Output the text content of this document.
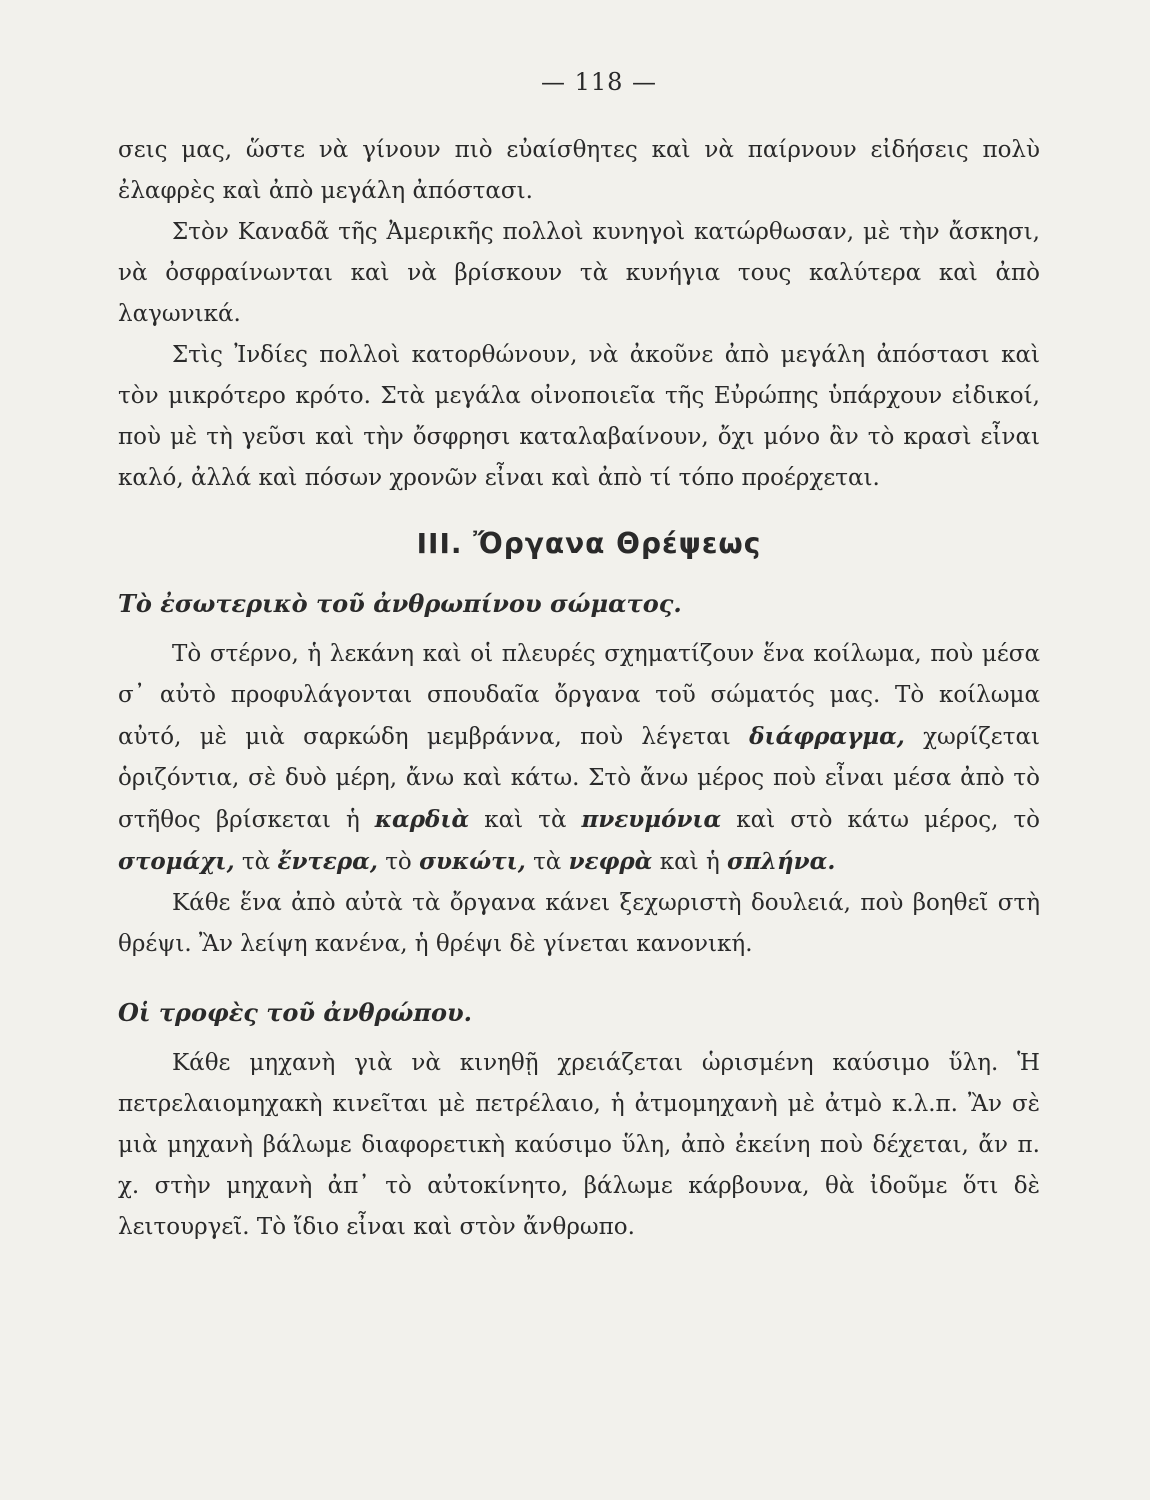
— 118 —

σεις μας, ὥστε νὰ γίνουν πιὸ εὐαίσθητες καὶ νὰ παίρνουν εἰδήσεις πολὺ ἐλαφρὲς καὶ ἀπὸ μεγάλη ἀπόστασι.

Στὸν Καναδᾶ τῆς Ἀμερικῆς πολλοὶ κυνηγοὶ κατώρθωσαν, μὲ τὴν ἄσκησι, νὰ ὀσφραίνωνται καὶ νὰ βρίσκουν τὰ κυνήγια τους καλύτερα καὶ ἀπὸ λαγωνικά.

Στὶς Ἰνδίες πολλοὶ κατορθώνουν, νὰ ἀκοῦνε ἀπὸ μεγάλη ἀπόστασι καὶ τὸν μικρότερο κρότο. Στὰ μεγάλα οἰνοποιεῖα τῆς Εὐρώπης ὑπάρχουν εἰδικοί, ποὺ μὲ τὴ γεῦσι καὶ τὴν ὄσφρησι καταλαβαίνουν, ὄχι μόνο ἂν τὸ κρασὶ εἶναι καλό, ἀλλά καὶ πόσων χρονῶν εἶναι καὶ ἀπὸ τί τόπο προέρχεται.

III. Ὄργανα Θρέψεως
Τὸ ἐσωτερικὸ τοῦ ἀνθρωπίνου σώματος.

Τὸ στέρνο, ἡ λεκάνη καὶ οἱ πλευρές σχηματίζουν ἕνα κοίλωμα, ποὺ μέσα σ᾽ αὐτὸ προφυλάγονται σπουδαῖα ὄργανα τοῦ σώματός μας. Τὸ κοίλωμα αὐτό, μὲ μιὰ σαρκώδη μεμβράννα, ποὺ λέγεται διάφραγμα, χωρίζεται ὁριζόντια, σὲ δυὸ μέρη, ἄνω καὶ κάτω. Στὸ ἄνω μέρος ποὺ εἶναι μέσα ἀπὸ τὸ στῆθος βρίσκεται ἡ καρδιὰ καὶ τὰ πνευμόνια καὶ στὸ κάτω μέρος, τὸ στομάχι, τὰ ἔντερα, τὸ συκώτι, τὰ νεφρὰ καὶ ἡ σπλήνα.

Κάθε ἕνα ἀπὸ αὐτὰ τὰ ὄργανα κάνει ξεχωριστὴ δουλειά, ποὺ βοηθεῖ στὴ θρέψι. Ἂν λείψη κανένα, ἡ θρέψι δὲ γίνεται κανονική.

Οἱ τροφὲς τοῦ ἀνθρώπου.

Κάθε μηχανὴ γιὰ νὰ κινηθῇ χρειάζεται ὡρισμένη καύσιμο ὕλη. Ἡ πετρελαιομηχακὴ κινεῖται μὲ πετρέλαιο, ἡ ἀτμομηχανὴ μὲ ἀτμὸ κ.λ.π. Ἂν σὲ μιὰ μηχανὴ βάλωμε διαφορετικὴ καύσιμο ὕλη, ἀπὸ ἐκείνη ποὺ δέχεται, ἄν π. χ. στὴν μηχανὴ ἀπ᾽ τὸ αὐτοκίνητο, βάλωμε κάρβουνα, θὰ ἰδοῦμε ὅτι δὲ λειτουργεῖ. Τὸ ἴδιο εἶναι καὶ στὸν ἄνθρωπο.
